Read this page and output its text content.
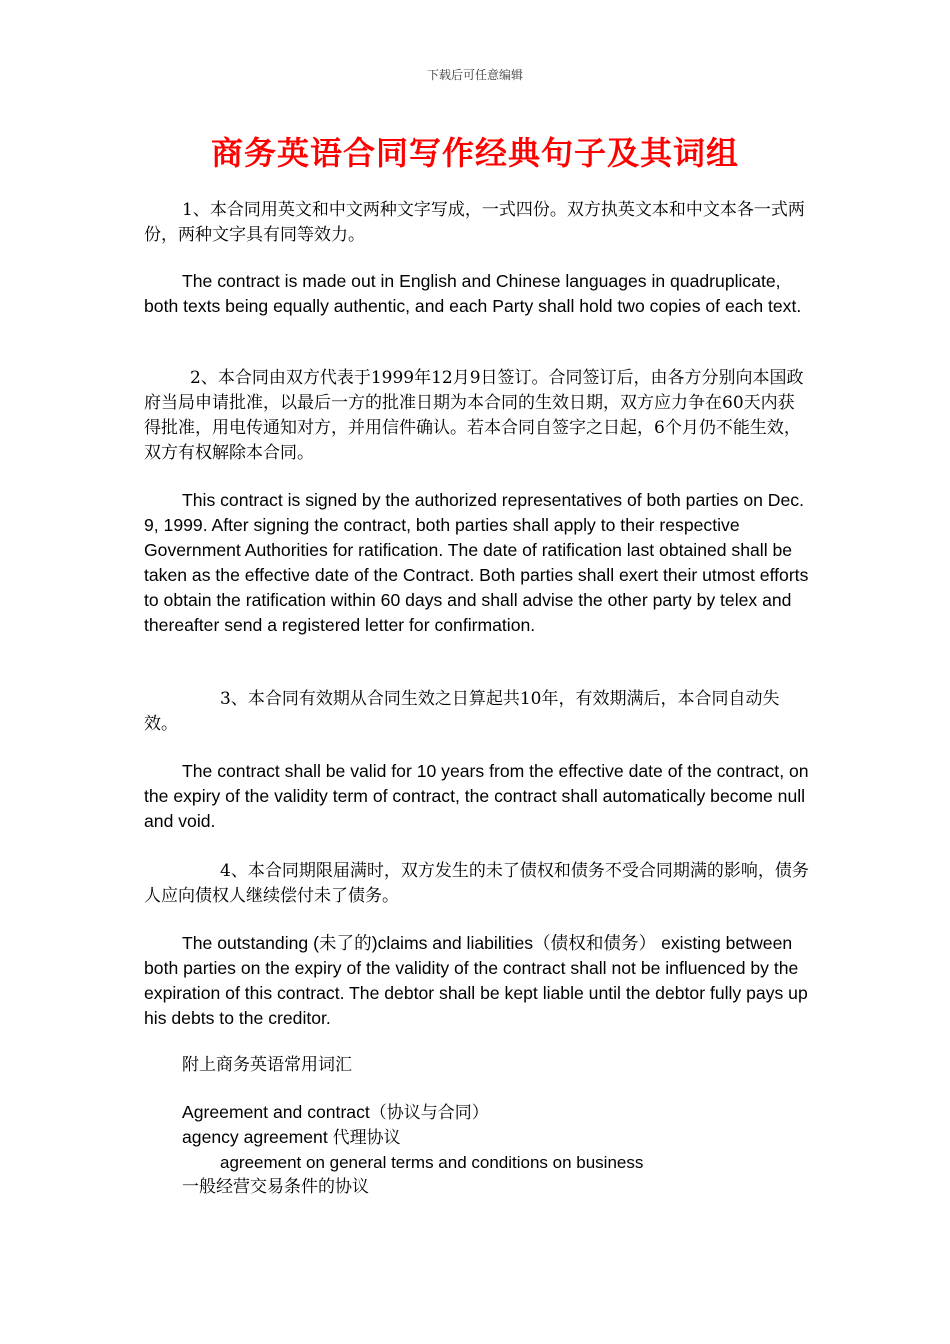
下载后可任意编辑
商务英语合同写作经典句子及其词组

1、本合同用英文和中文两种文字写成，一式四份。双方执英文本和中文本各一式两份，两种文字具有同等效力。

The contract is made out in English and Chinese languages in quadruplicate, both texts being equally authentic, and each Party shall hold two copies of each text.

2、本合同由双方代表于1999年12月9日签订。合同签订后，由各方分别向本国政府当局申请批准，以最后一方的批准日期为本合同的生效日期，双方应力争在60天内获得批准，用电传通知对方，并用信件确认。若本合同自签字之日起，6个月仍不能生效，双方有权解除本合同。

This contract is signed by the authorized representatives of both parties on Dec. 9, 1999. After signing the contract, both parties shall apply to their respective Government Authorities for ratification. The date of ratification last obtained shall be taken as the effective date of the Contract. Both parties shall exert their utmost efforts to obtain the ratification within 60 days and shall advise the other party by telex and thereafter send a registered letter for confirmation.

3、本合同有效期从合同生效之日算起共10年，有效期满后，本合同自动失效。

The contract shall be valid for 10 years from the effective date of the contract, on the expiry of the validity term of contract, the contract shall automatically become null and void.

4、本合同期限届满时，双方发生的未了债权和债务不受合同期满的影响，债务人应向债权人继续偿付未了债务。

The outstanding (未了的)claims and liabilities（债权和债务） existing between both parties on the expiry of the validity of the contract shall not be influenced by the expiration of this contract. The debtor shall be kept liable until the debtor fully pays up his debts to the creditor.

附上商务英语常用词汇

Agreement and contract（协议与合同）

agency agreement 代理协议

agreement on general terms and conditions on business

一般经营交易条件的协议
